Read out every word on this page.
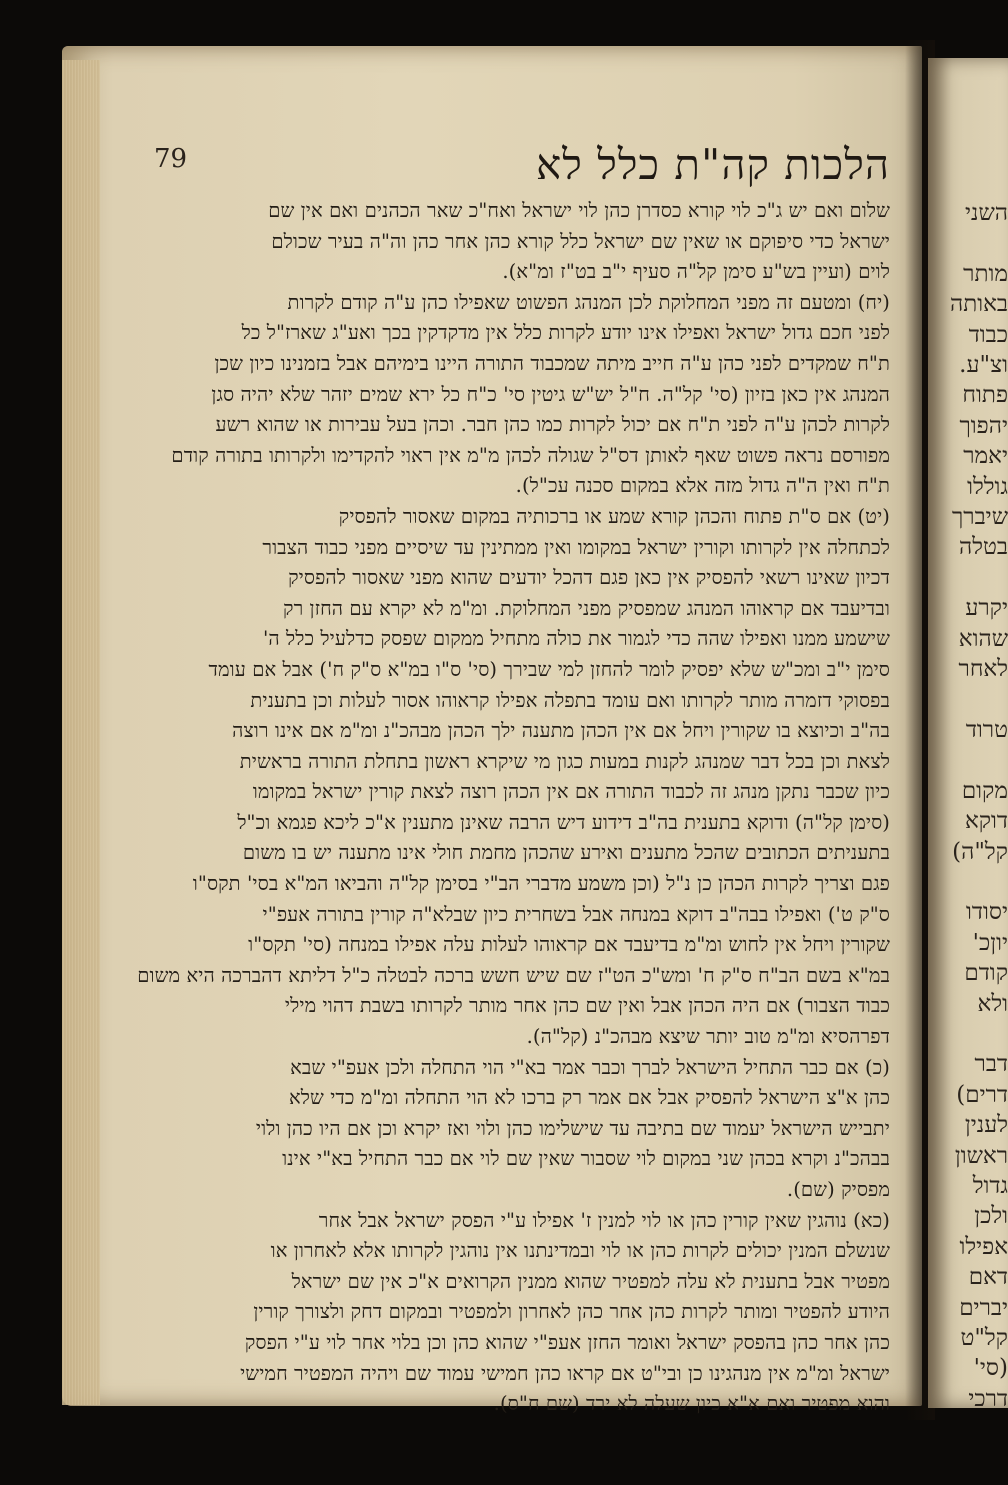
השני

מותר
באותה
כבוד
וצ"ע.
פתוח
יהפוך
יאמר
גוללו
שיברך
בטלה

יקרע
שהוא
לאחר

טרוד

מקום
דוקא
קל"ה)

יסודו
יוןכ'
קודם
ולא

דבר
דרים)
לענין
ראשון
גדול
ולכן
אפילו
דאם
יברים
קל"ט
(סי'
דרכי
79	הלכות קה"ת כלל לא
שלום ואם יש ג"כ לוי קורא כסדרן כהן לוי ישראל ואח"כ שאר הכהנים ואם אין שם
ישראל כדי סיפוקם או שאין שם ישראל כלל קורא כהן אחר כהן וה"ה בעיר שכולם
לוים (ועיין בש"ע סימן קל"ה סעיף י"ב בט"ז ומ"א).
(יח) ומטעם זה מפני המחלוקת לכן המנהג הפשוט שאפילו כהן ע"ה קודם לקרות
לפני חכם גדול ישראל ואפילו אינו יודע לקרות כלל אין מדקדקין בכך ואע"ג שארז"ל כל
ת"ח שמקדים לפני כהן ע"ה חייב מיתה שמכבוד התורה היינו בימיהם אבל בזמנינו כיון שכן
המנהג אין כאן בזיון (סי' קל"ה. ח"ל יש"ש גיטין סי' כ"ח כל ירא שמים יזהר שלא יהיה סגן
לקרות לכהן ע"ה לפני ת"ח אם יכול לקרות כמו כהן חבר. וכהן בעל עבירות או שהוא רשע
מפורסם נראה פשוט שאף לאותן דס"ל שגולה לכהן מ"מ אין ראוי להקדימו ולקרותו בתורה קודם
ת"ח ואין ה"ה גדול מזה אלא במקום סכנה עכ"ל).
(יט) אם ס"ת פתוח והכהן קורא שמע או ברכותיה במקום שאסור להפסיק
לכתחלה אין לקרותו וקורין ישראל במקומו ואין ממתינין עד שיסיים מפני כבוד הצבור
דכיון שאינו רשאי להפסיק אין כאן פגם דהכל יודעים שהוא מפני שאסור להפסיק
ובדיעבד אם קראוהו המנהג שמפסיק מפני המחלוקת. ומ"מ לא יקרא עם החזן רק
שישמע ממנו ואפילו שהה כדי לגמור את כולה מתחיל ממקום שפסק כדלעיל כלל ה'
סימן י"ב ומכ"ש שלא יפסיק לומר להחזן למי שבירך (סי' ס"ו במ"א ס"ק ח') אבל אם עומד
בפסוקי דזמרה מותר לקרותו ואם עומד בתפלה אפילו קראוהו אסור לעלות וכן בתענית
בה"ב וכיוצא בו שקורין ויחל אם אין הכהן מתענה ילך הכהן מבהכ"נ ומ"מ אם אינו רוצה
לצאת וכן בכל דבר שמנהג לקנות במעות כגון מי שיקרא ראשון בתחלת התורה בראשית
כיון שכבר נתקן מנהג זה לכבוד התורה אם אין הכהן רוצה לצאת קורין ישראל במקומו
(סימן קל"ה) ודוקא בתענית בה"ב דידוע דיש הרבה שאינן מתענין א"כ ליכא פגמא וכ"ל
בתעניתים הכתובים שהכל מתענים ואירע שהכהן מחמת חולי אינו מתענה יש בו משום
פגם וצריך לקרות הכהן כן נ"ל (וכן משמע מדברי הב"י בסימן קל"ה והביאו המ"א בסי' תקס"ו
ס"ק ט') ואפילו בבה"ב דוקא במנחה אבל בשחרית כיון שבלא"ה קורין בתורה אעפ"י
שקורין ויחל אין לחוש ומ"מ בדיעבד אם קראוהו לעלות עלה אפילו במנחה (סי' תקס"ו
במ"א בשם הב"ח ס"ק ח' ומש"כ הט"ז שם שיש חשש ברכה לבטלה כ"ל דליתא דהברכה היא משום
כבוד הצבור) אם היה הכהן אבל ואין שם כהן אחר מותר לקרותו בשבת דהוי מילי
דפרהסיא ומ"מ טוב יותר שיצא מבהכ"נ (קל"ה).
(כ) אם כבר התחיל הישראל לברך וכבר אמר בא"י הוי התחלה ולכן אעפ"י שבא
כהן א"צ הישראל להפסיק אבל אם אמר רק ברכו לא הוי התחלה ומ"מ כדי שלא
יתבייש הישראל יעמוד שם בתיבה עד שישלימו כהן ולוי ואז יקרא וכן אם היו כהן ולוי
בבהכ"נ וקרא בכהן שני במקום לוי שסבור שאין שם לוי אם כבר התחיל בא"י אינו
מפסיק (שם).
(כא) נוהגין שאין קורין כהן או לוי למנין ז' אפילו ע"י הפסק ישראל אבל אחר
שנשלם המנין יכולים לקרות כהן או לוי ובמדינתנו אין נוהגין לקרותו אלא לאחרון או
מפטיר אבל בתענית לא עלה למפטיר שהוא ממנין הקרואים א"כ אין שם ישראל
היודע להפטיר ומותר לקרות כהן אחר כהן לאחרון ולמפטיר ובמקום דחק ולצורך קורין
כהן אחר כהן בהפסק ישראל ואומר החזן אעפ"י שהוא כהן וכן בלוי אחר לוי ע"י הפסק
ישראל ומ"מ אין מנהגינו כן ובי"ט אם קראו כהן חמישי עמוד שם ויהיה המפטיר חמישי
והוא מפטיר ואם א"א כיון שעלה לא ירד (שם ח"ס).
